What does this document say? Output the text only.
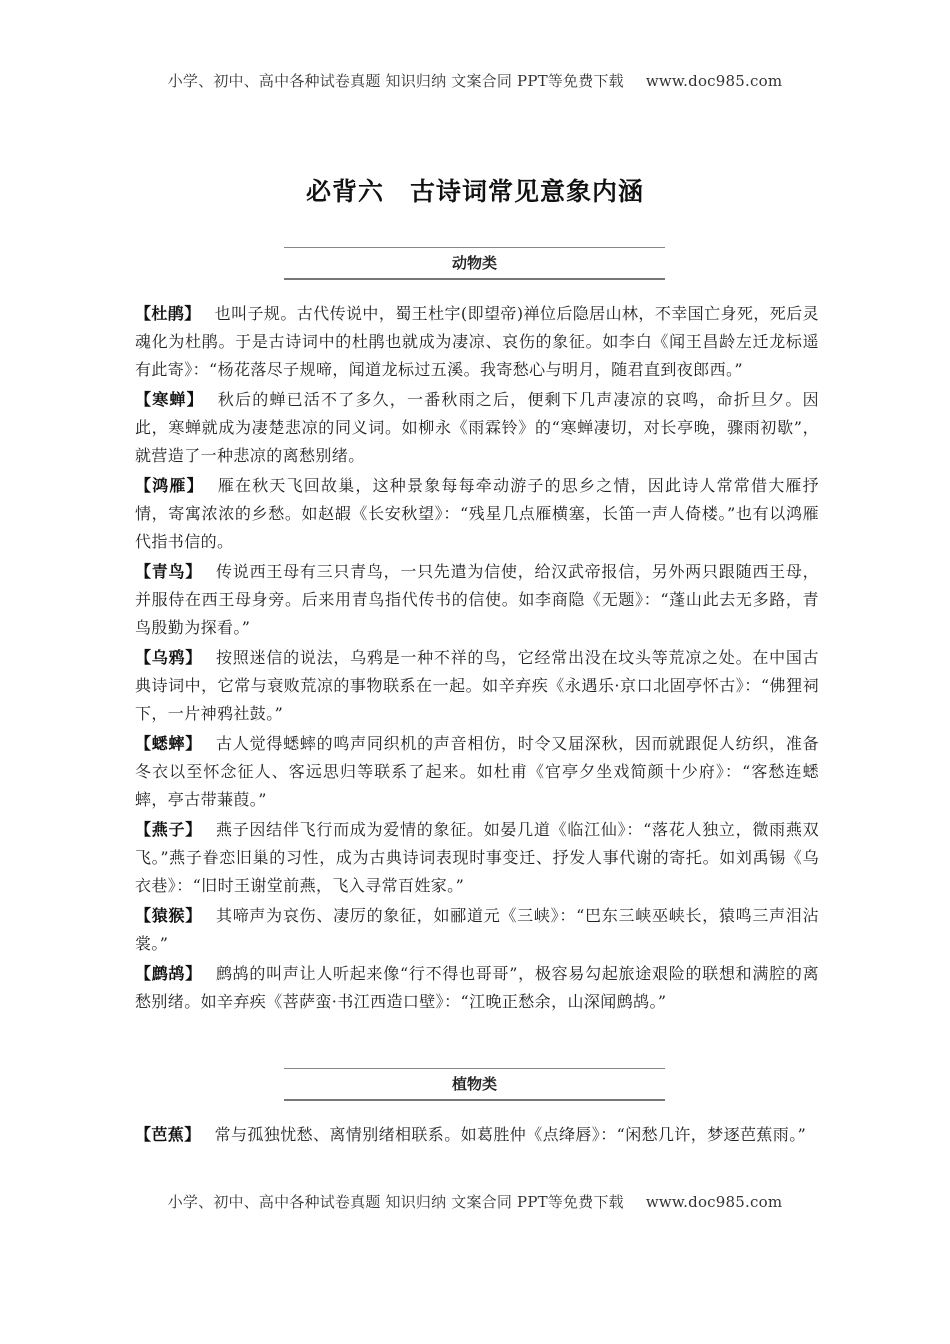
小学、初中、高中各种试卷真题 知识归纳 文案合同 PPT等免费下载 www.doc985.com
必背六 古诗词常见意象内涵
动物类

【杜鹃】 也叫子规。古代传说中，蜀王杜宇(即望帝)禅位后隐居山林，不幸国亡身死，死后灵魂化为杜鹃。于是古诗词中的杜鹃也就成为凄凉、哀伤的象征。如李白《闻王昌龄左迁龙标遥有此寄》：“杨花落尽子规啼，闻道龙标过五溪。我寄愁心与明月，随君直到夜郎西。”

【寒蝉】 秋后的蝉已活不了多久，一番秋雨之后，便剩下几声凄凉的哀鸣，命折旦夕。因此，寒蝉就成为凄楚悲凉的同义词。如柳永《雨霖铃》的“寒蝉凄切，对长亭晚，骤雨初歇”，就营造了一种悲凉的离愁别绪。

【鸿雁】 雁在秋天飞回故巢，这种景象每每牵动游子的思乡之情，因此诗人常常借大雁抒情，寄寓浓浓的乡愁。如赵嘏《长安秋望》：“残星几点雁横塞，长笛一声人倚楼。”也有以鸿雁代指书信的。

【青鸟】 传说西王母有三只青鸟，一只先遣为信使，给汉武帝报信，另外两只跟随西王母，并服侍在西王母身旁。后来用青鸟指代传书的信使。如李商隐《无题》：“蓬山此去无多路，青鸟殷勤为探看。”

【乌鸦】 按照迷信的说法，乌鸦是一种不祥的鸟，它经常出没在坟头等荒凉之处。在中国古典诗词中，它常与衰败荒凉的事物联系在一起。如辛弃疾《永遇乐·京口北固亭怀古》：“佛狸祠下，一片神鸦社鼓。”

【蟋蟀】 古人觉得蟋蟀的鸣声同织机的声音相仿，时令又届深秋，因而就跟促人纺织，准备冬衣以至怀念征人、客远思归等联系了起来。如杜甫《官亭夕坐戏简颜十少府》：“客愁连蟋蟀，亭古带蒹葭。”

【燕子】 燕子因结伴飞行而成为爱情的象征。如晏几道《临江仙》：“落花人独立，微雨燕双飞。”燕子眷恋旧巢的习性，成为古典诗词表现时事变迁、抒发人事代谢的寄托。如刘禹锡《乌衣巷》：“旧时王谢堂前燕，飞入寻常百姓家。”

【猿猴】 其啼声为哀伤、凄厉的象征，如郦道元《三峡》：“巴东三峡巫峡长，猿鸣三声泪沾裳。”

【鹧鸪】 鹧鸪的叫声让人听起来像“行不得也哥哥”，极容易勾起旅途艰险的联想和满腔的离愁别绪。如辛弃疾《菩萨蛮·书江西造口壁》：“江晚正愁余，山深闻鹧鸪。”

植物类

【芭蕉】 常与孤独忧愁、离情别绪相联系。如葛胜仲《点绛唇》：“闲愁几许，梦逐芭蕉雨。”

小学、初中、高中各种试卷真题 知识归纳 文案合同 PPT等免费下载 www.doc985.com
